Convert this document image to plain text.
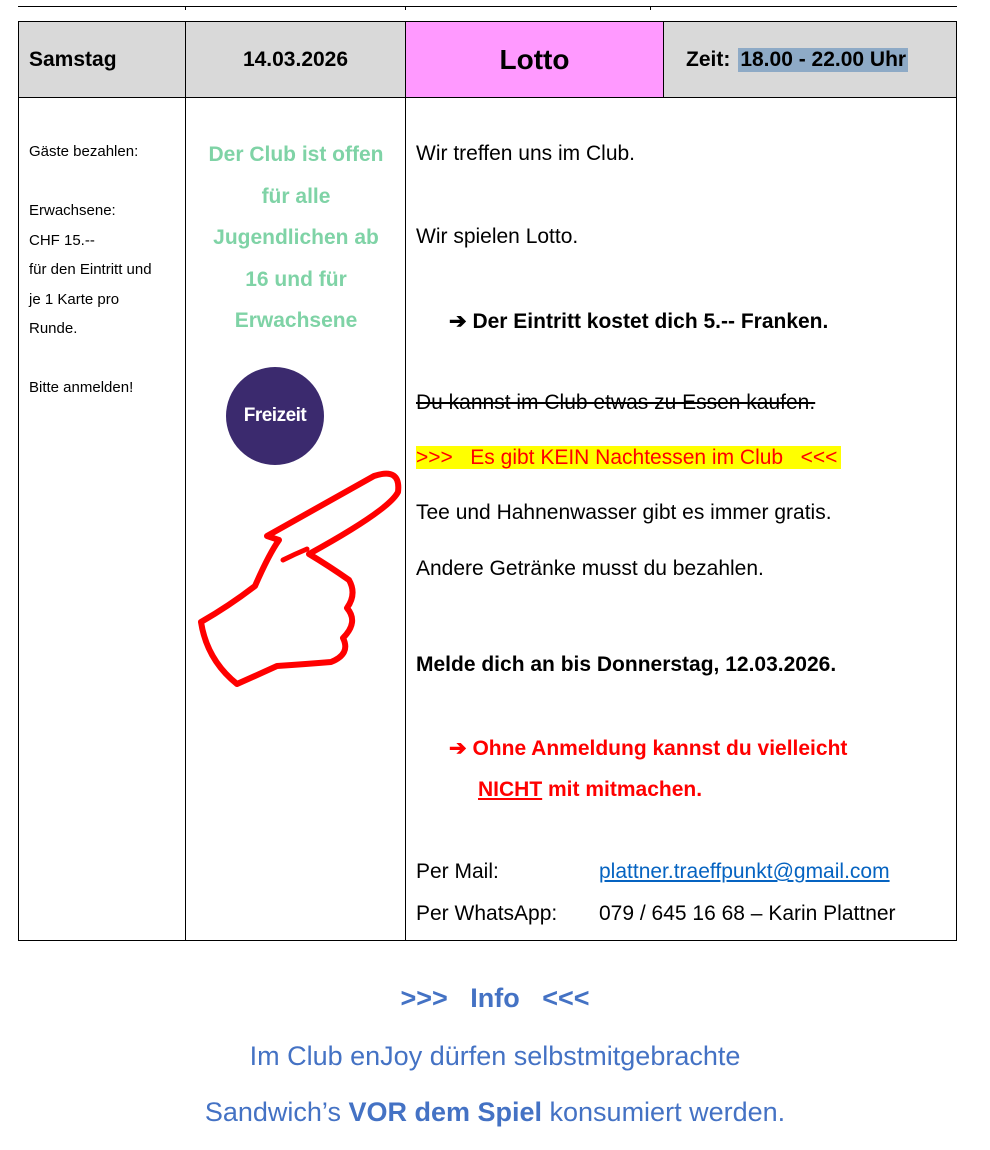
Samstag	14.03.2026	Lotto	Zeit: 18.00 - 22.00 Uhr
Gäste bezahlen:

Erwachsene:
CHF 15.--
für den Eintritt und
je 1 Karte pro
Runde.

Bitte anmelden!
Der Club ist offen
für alle
Jugendlichen ab
16 und für
Erwachsene
Freizeit
Wir treffen uns im Club.
Wir spielen Lotto.
➔ Der Eintritt kostet dich 5.-- Franken.
Du kannst im Club etwas zu Essen kaufen.
>>>   Es gibt KEIN Nachtessen im Club   <<<
Tee und Hahnenwasser gibt es immer gratis.
Andere Getränke musst du bezahlen.
Melde dich an bis Donnerstag, 12.03.2026.
➔ Ohne Anmeldung kannst du vielleicht
NICHT mit mitmachen.
Per Mail:	plattner.traeffpunkt@gmail.com
Per WhatsApp: 079 / 645 16 68 – Karin Plattner
>>>   Info   <<<
Im Club enJoy dürfen selbstmitgebrachte
Sandwich’s VOR dem Spiel konsumiert werden.
